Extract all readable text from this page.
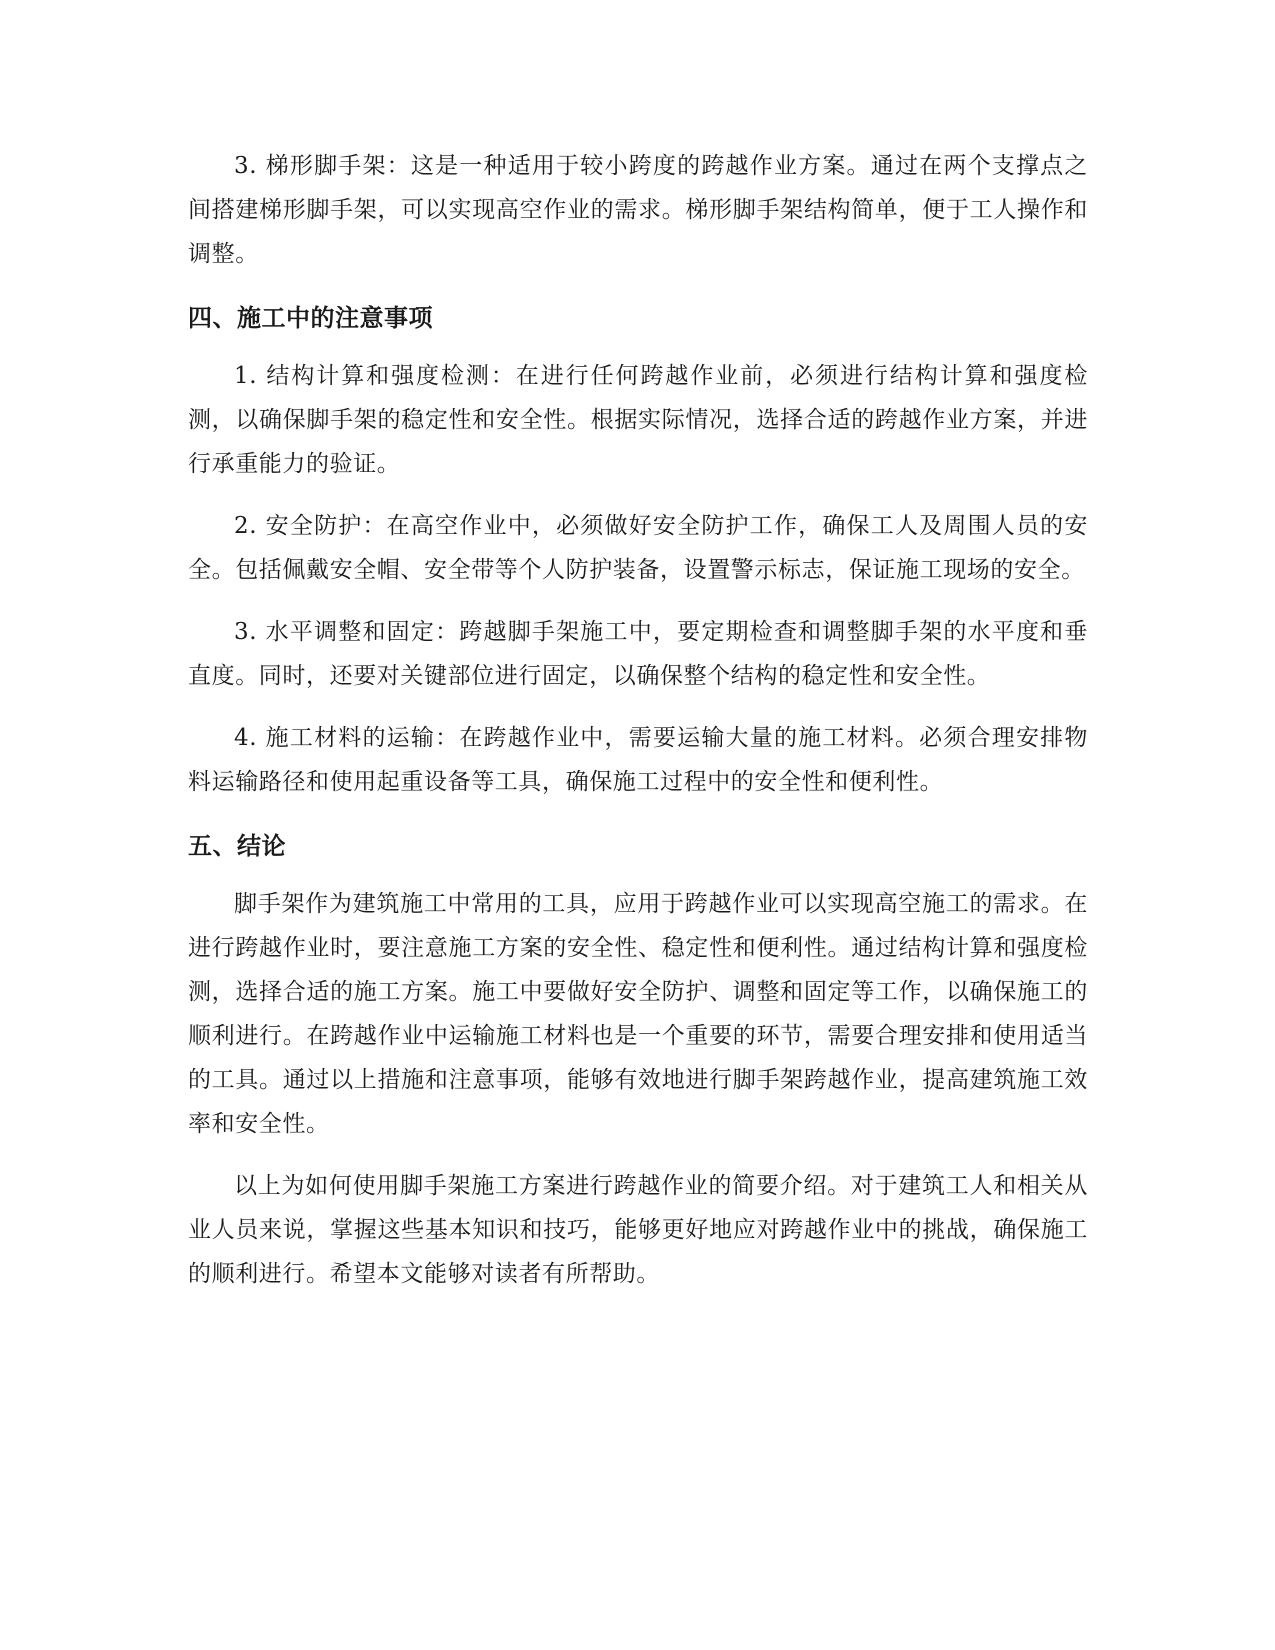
3. 梯形脚手架：这是一种适用于较小跨度的跨越作业方案。通过在两个支撑点之间搭建梯形脚手架，可以实现高空作业的需求。梯形脚手架结构简单，便于工人操作和调整。

四、施工中的注意事项

1. 结构计算和强度检测：在进行任何跨越作业前，必须进行结构计算和强度检测，以确保脚手架的稳定性和安全性。根据实际情况，选择合适的跨越作业方案，并进行承重能力的验证。

2. 安全防护：在高空作业中，必须做好安全防护工作，确保工人及周围人员的安全。包括佩戴安全帽、安全带等个人防护装备，设置警示标志，保证施工现场的安全。

3. 水平调整和固定：跨越脚手架施工中，要定期检查和调整脚手架的水平度和垂直度。同时，还要对关键部位进行固定，以确保整个结构的稳定性和安全性。

4. 施工材料的运输：在跨越作业中，需要运输大量的施工材料。必须合理安排物料运输路径和使用起重设备等工具，确保施工过程中的安全性和便利性。

五、结论

脚手架作为建筑施工中常用的工具，应用于跨越作业可以实现高空施工的需求。在进行跨越作业时，要注意施工方案的安全性、稳定性和便利性。通过结构计算和强度检测，选择合适的施工方案。施工中要做好安全防护、调整和固定等工作，以确保施工的顺利进行。在跨越作业中运输施工材料也是一个重要的环节，需要合理安排和使用适当的工具。通过以上措施和注意事项，能够有效地进行脚手架跨越作业，提高建筑施工效率和安全性。

以上为如何使用脚手架施工方案进行跨越作业的简要介绍。对于建筑工人和相关从业人员来说，掌握这些基本知识和技巧，能够更好地应对跨越作业中的挑战，确保施工的顺利进行。希望本文能够对读者有所帮助。
